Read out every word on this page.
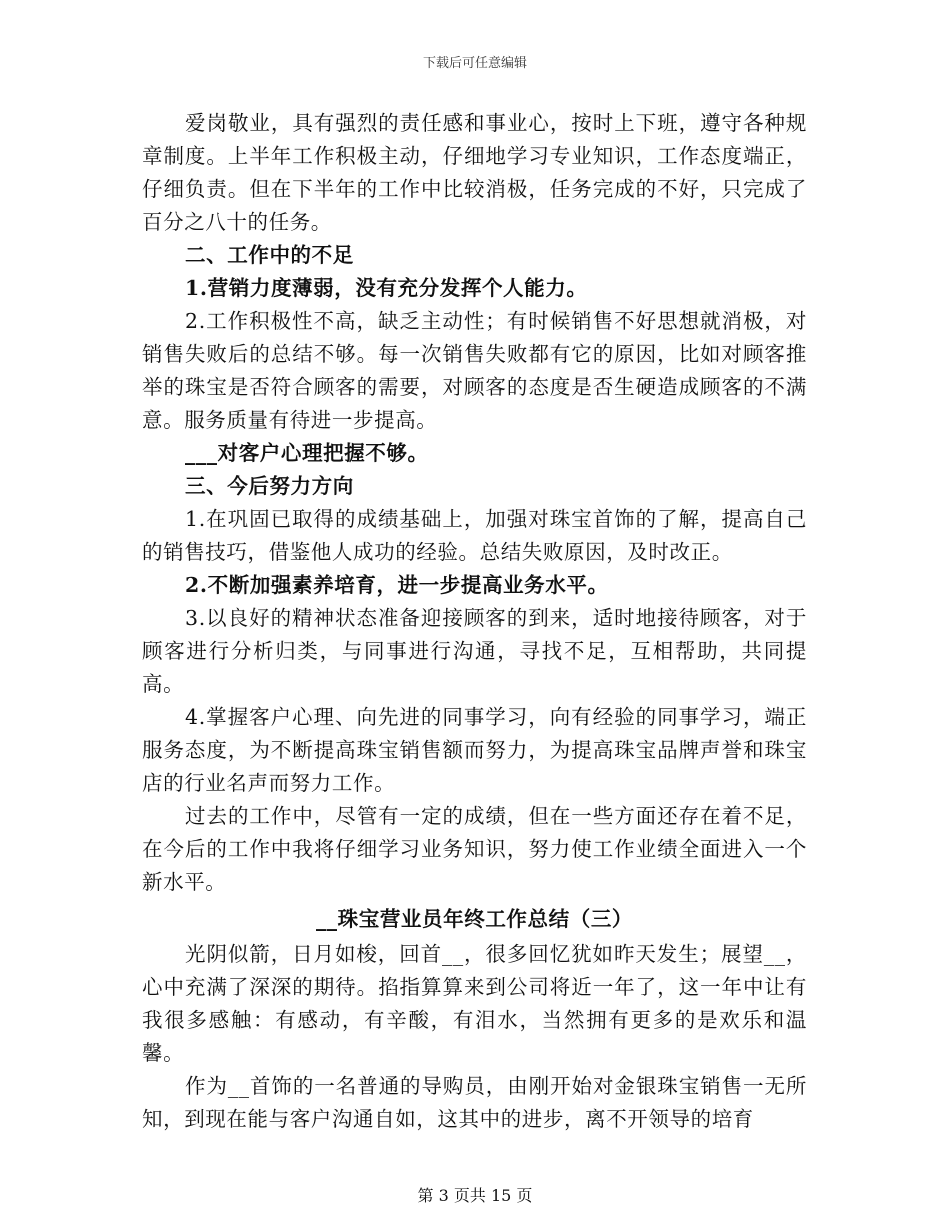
下载后可任意编辑

爱岗敬业，具有强烈的责任感和事业心，按时上下班，遵守各种规章制度。上半年工作积极主动，仔细地学习专业知识，工作态度端正，仔细负责。但在下半年的工作中比较消极，任务完成的不好，只完成了百分之八十的任务。

二、工作中的不足

1.营销力度薄弱，没有充分发挥个人能力。

2.工作积极性不高，缺乏主动性；有时候销售不好思想就消极，对销售失败后的总结不够。每一次销售失败都有它的原因，比如对顾客推举的珠宝是否符合顾客的需要，对顾客的态度是否生硬造成顾客的不满意。服务质量有待进一步提高。

___对客户心理把握不够。

三、今后努力方向

1.在巩固已取得的成绩基础上，加强对珠宝首饰的了解，提高自己的销售技巧，借鉴他人成功的经验。总结失败原因，及时改正。

2.不断加强素养培育，进一步提高业务水平。

3.以良好的精神状态准备迎接顾客的到来，适时地接待顾客，对于顾客进行分析归类，与同事进行沟通，寻找不足，互相帮助，共同提高。

4.掌握客户心理、向先进的同事学习，向有经验的同事学习，端正服务态度，为不断提高珠宝销售额而努力，为提高珠宝品牌声誉和珠宝店的行业名声而努力工作。

过去的工作中，尽管有一定的成绩，但在一些方面还存在着不足，在今后的工作中我将仔细学习业务知识，努力使工作业绩全面进入一个新水平。

__珠宝营业员年终工作总结（三）

光阴似箭，日月如梭，回首__，很多回忆犹如昨天发生；展望__，心中充满了深深的期待。掐指算算来到公司将近一年了，这一年中让有我很多感触：有感动，有辛酸，有泪水，当然拥有更多的是欢乐和温馨。

作为__首饰的一名普通的导购员，由刚开始对金银珠宝销售一无所知，到现在能与客户沟通自如，这其中的进步，离不开领导的培育

第 3 页共 15 页
